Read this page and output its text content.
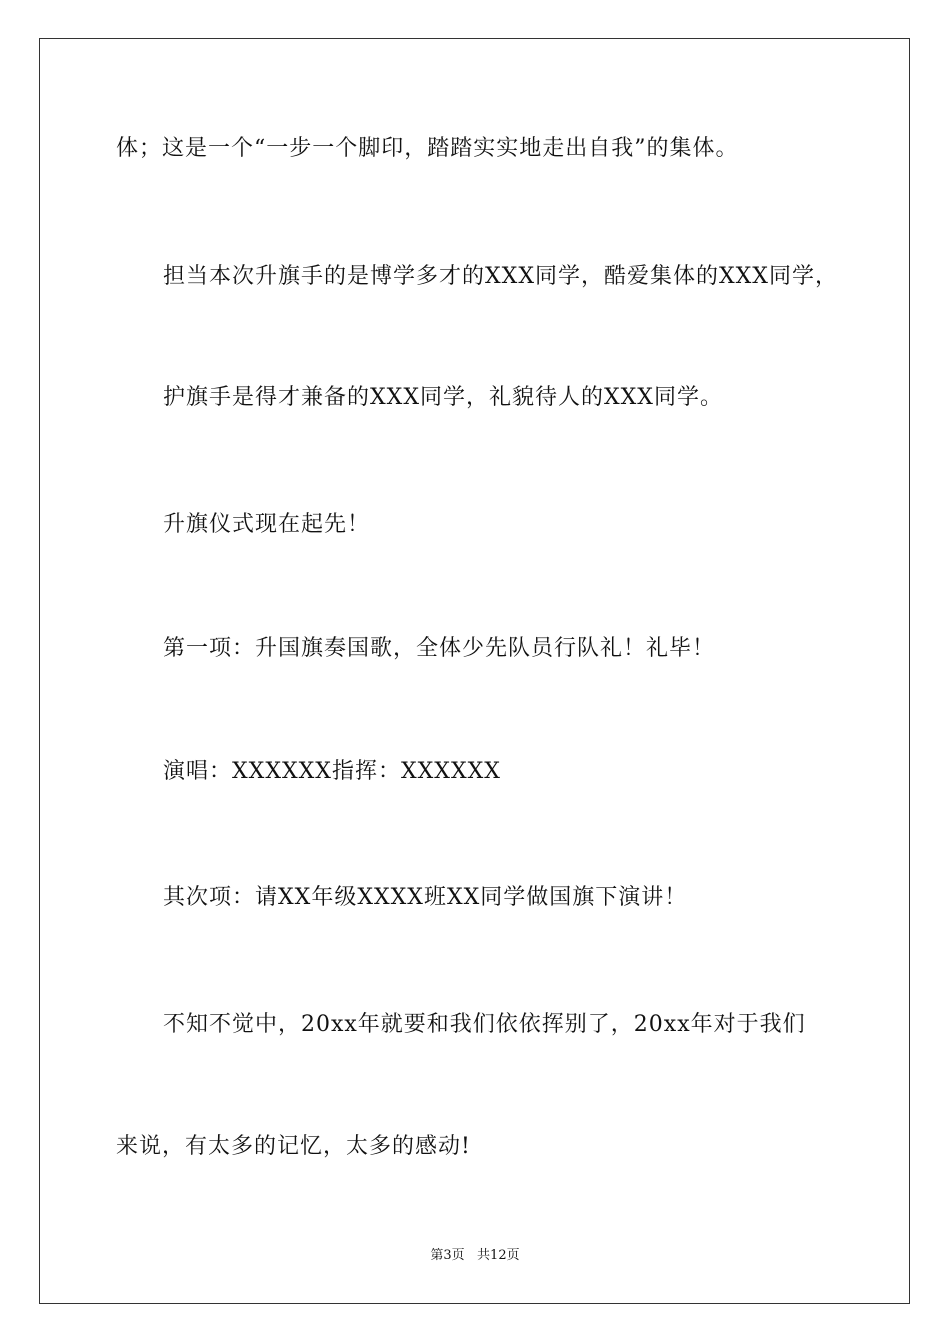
体；这是一个“一步一个脚印，踏踏实实地走出自我”的集体。
担当本次升旗手的是博学多才的XXX同学，酷爱集体的XXX同学，
护旗手是得才兼备的XXX同学，礼貌待人的XXX同学。
升旗仪式现在起先！
第一项：升国旗奏国歌，全体少先队员行队礼！礼毕！
演唱：XXXXXX指挥：XXXXXX
其次项：请XX年级XXXX班XX同学做国旗下演讲！
不知不觉中，20xx年就要和我们依依挥别了，20xx年对于我们
来说，有太多的记忆，太多的感动!
第3页   共12页
